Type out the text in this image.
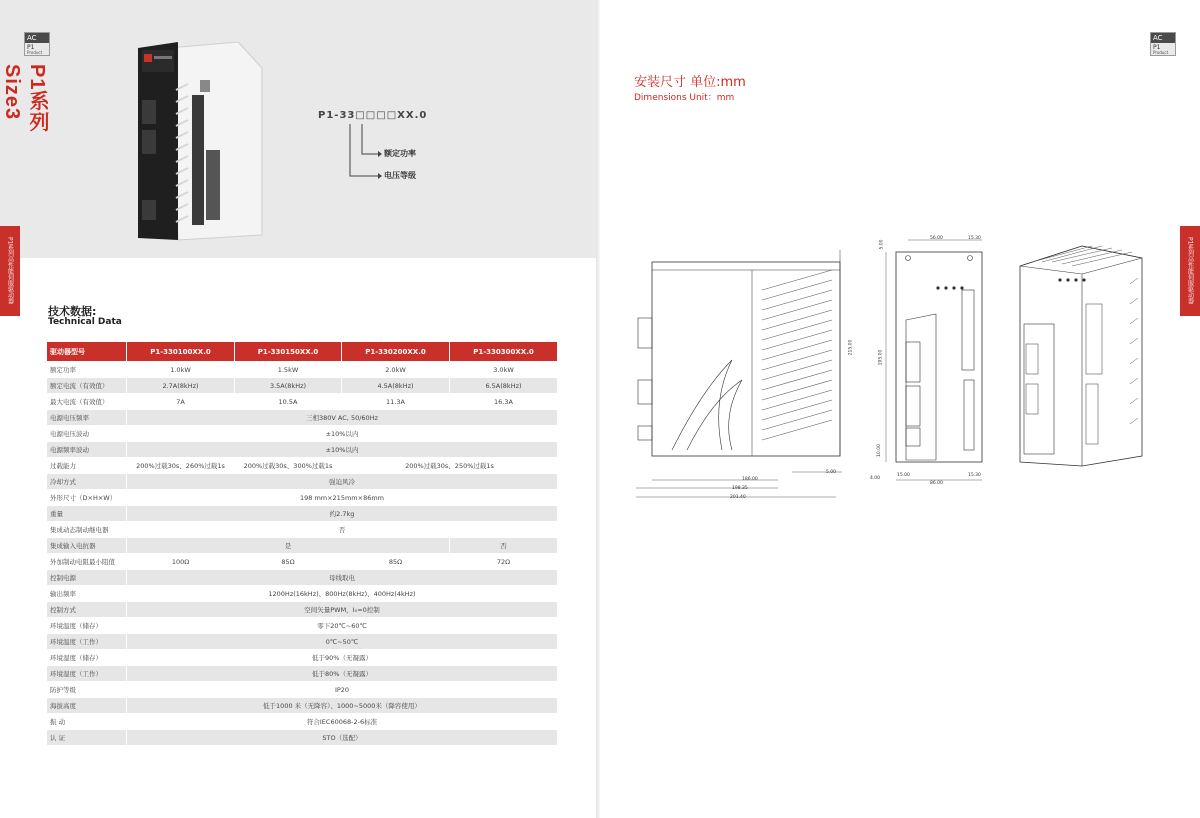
AC
P1
Product
P1系列 Size3
P1系列高性能伺服驱动器
P1-33□□□□XX.0
额定功率
电压等级
技术数据:
Technical Data
驱动器型号	P1-330100XX.0	P1-330150XX.0	P1-330200XX.0	P1-330300XX.0
额定功率	1.0kW	1.5kW	2.0kW	3.0kW
额定电流（有效值）	2.7A(8kHz)	3.5A(8kHz)	4.5A(8kHz)	6.5A(8kHz)
最大电流（有效值）	7A	10.5A	11.3A	16.3A
电源电压频率	三相380V AC, 50/60Hz			
电源电压波动	±10%以内			
电源频率波动	±10%以内			
过载能力	200%过载30s、260%过载1s	200%过载30s、300%过载1s	200%过载30s、250%过载1s	
冷却方式	强迫风冷			
外形尺寸（D×H×W）	198 mm×215mm×86mm			
重量	约2.7kg			
集成动态制动继电器	否			
集成输入电抗器	是			否
外加制动电阻最小阻值	100Ω	85Ω	85Ω	72Ω
控制电源	母线取电			
输出频率	1200Hz(16kHz)、800Hz(8kHz)、400Hz(4kHz)			
控制方式	空间矢量PWM，I₀=0控制			
环境温度（储存）	零下20℃~60℃			
环境温度（工作）	0℃~50℃			
环境湿度（储存）	低于90%（无凝露）			
环境湿度（工作）	低于80%（无凝露）			
防护等级	IP20			
海拔高度	低于1000 米（无降容）、1000~5000米（降容使用）			
振 动	符合IEC60068-2-6标准			
认 证	STO（选配）			
AC
P1
Product
P1系列高性能伺服驱动器
安装尺寸 单位:mm
Dimensions Unit：mm
186.00
198.35
201.40
5.00
56.00	15.30
15.00
86.00
15.30
4.00
215.00
195.00
10.00
5.00
